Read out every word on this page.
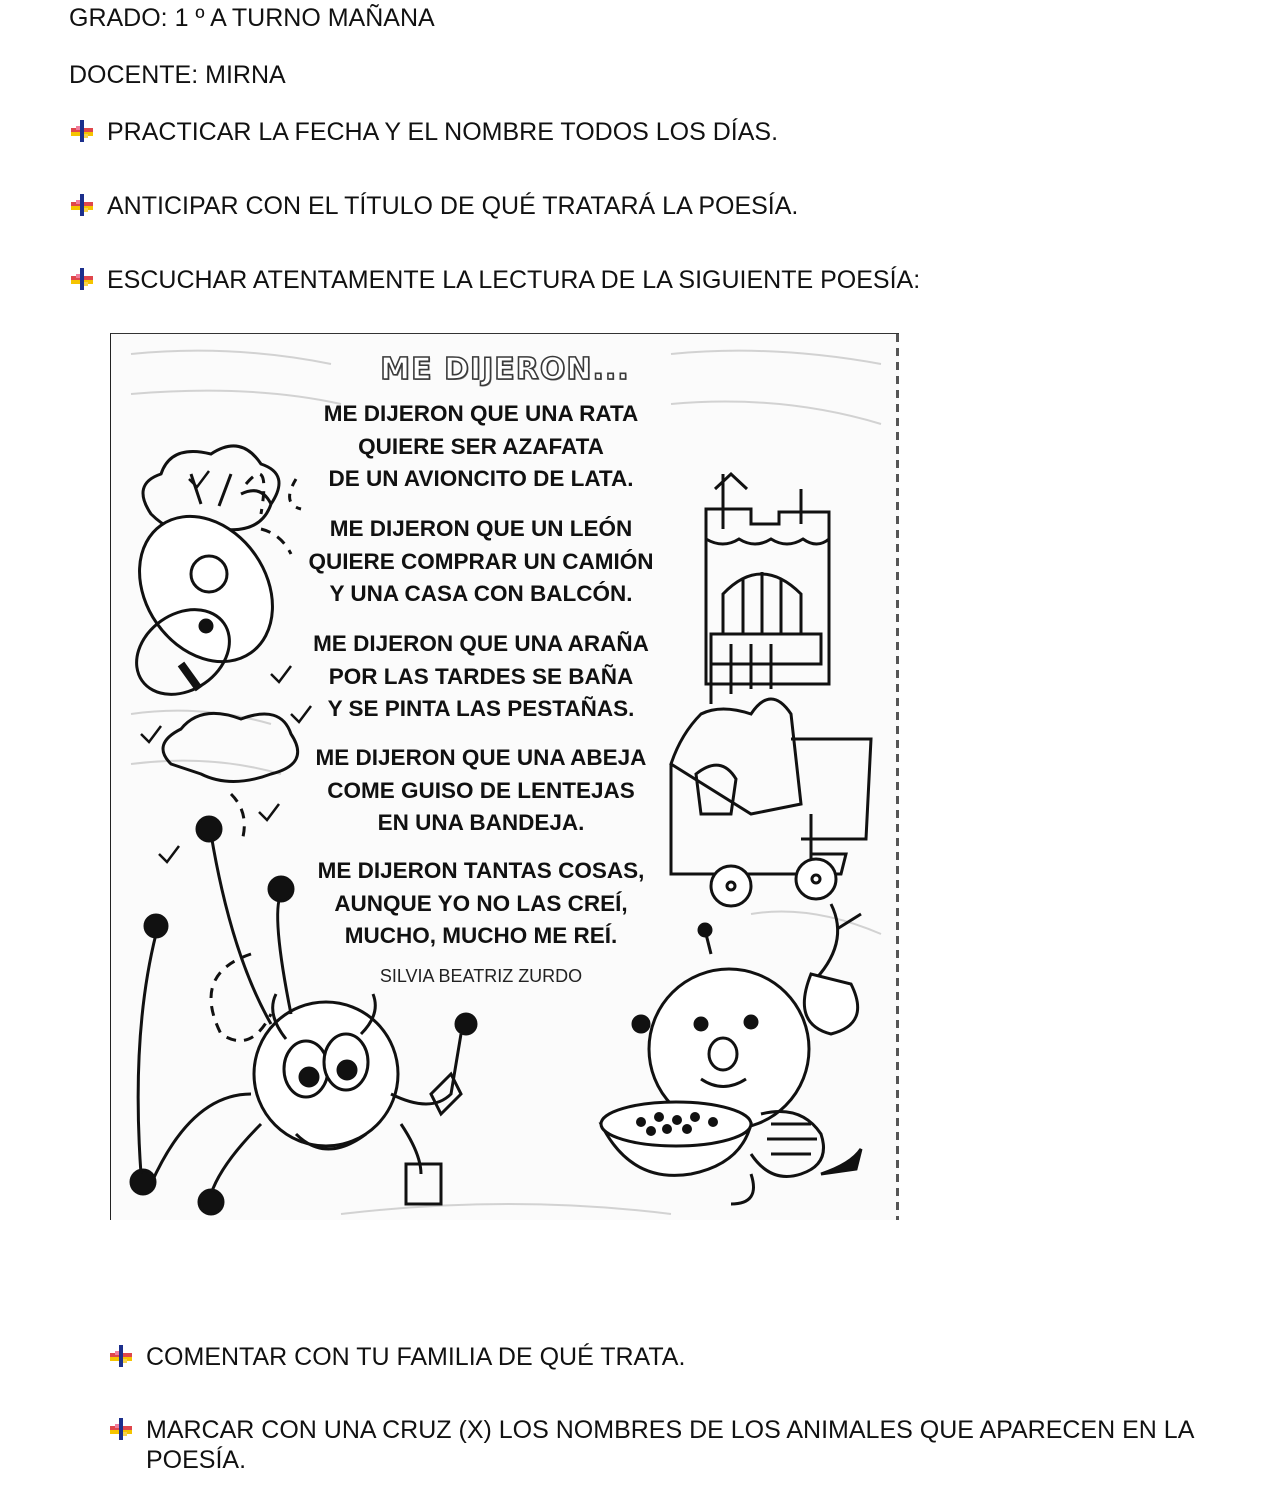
GRADO: 1 º A TURNO MAÑANA
DOCENTE: MIRNA
PRACTICAR LA FECHA Y EL NOMBRE TODOS LOS DÍAS.
ANTICIPAR CON EL TÍTULO DE QUÉ TRATARÁ LA POESÍA.
ESCUCHAR ATENTAMENTE LA LECTURA DE LA SIGUIENTE POESÍA:
ME DIJERON...
ME DIJERON QUE UNA RATA
QUIERE SER AZAFATA
DE UN AVIONCITO DE LATA.
ME DIJERON QUE UN LEÓN
QUIERE COMPRAR UN CAMIÓN
Y UNA CASA CON BALCÓN.
ME DIJERON QUE UNA ARAÑA
POR LAS TARDES SE BAÑA
Y SE PINTA LAS PESTAÑAS.
ME DIJERON QUE UNA ABEJA
COME GUISO DE LENTEJAS
EN UNA BANDEJA.
ME DIJERON TANTAS COSAS,
AUNQUE YO NO LAS CREÍ,
MUCHO, MUCHO ME REÍ.
SILVIA BEATRIZ ZURDO
COMENTAR CON TU FAMILIA DE QUÉ TRATA.
MARCAR CON UNA CRUZ (X) LOS NOMBRES DE LOS ANIMALES QUE APARECEN EN LA POESÍA.
